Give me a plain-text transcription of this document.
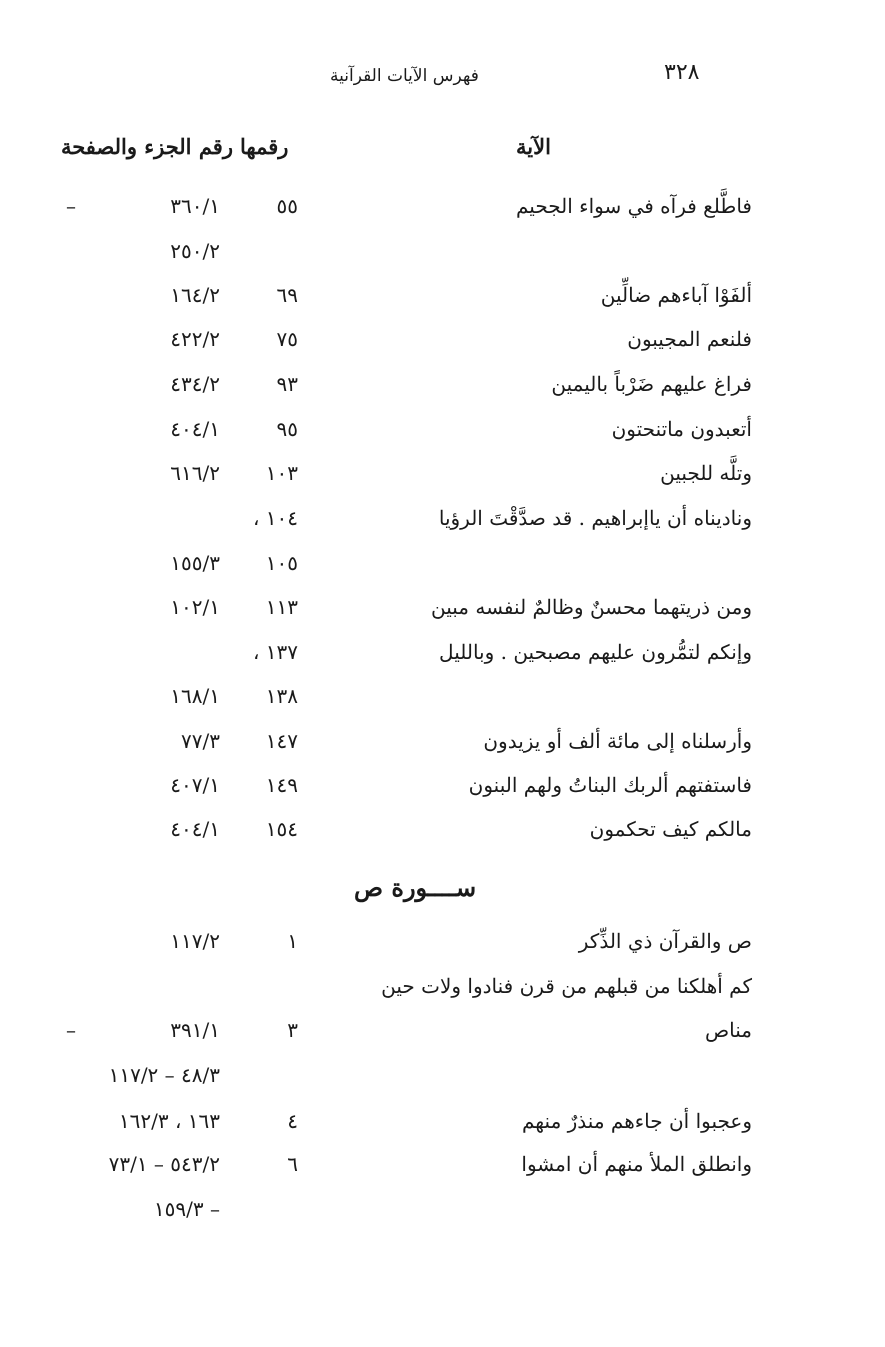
٣٢٨
فهرس الآيات القرآنية
الآية
رقمها
رقم الجزء والصفحة
فاطَّلع فرآه في سواء الجحيم
٥٥
٣٦٠/١
–
٢٥٠/٢
ألفَوْا آباءهم ضالِّين
٦٩
١٦٤/٢
فلنعم المجيبون
٧٥
٤٢٢/٢
فراغ عليهم ضَرْباً باليمين
٩٣
٤٣٤/٢
أتعبدون ماتنحتون
٩٥
٤٠٤/١
وتلَّه للجبين
١٠٣
٦١٦/٢
وناديناه أن ياإبراهيم . قد صدَّقْتَ الرؤيا
١٠٤ ،
١٠٥
١٥٥/٣
ومن ذريتهما محسنٌ وظالمٌ لنفسه مبين
١١٣
١٠٢/١
وإنكم لتمُّرون عليهم مصبحين . وبالليل
١٣٧ ،
١٣٨
١٦٨/١
وأرسلناه إلى مائة ألف أو يزيدون
١٤٧
٧٧/٣
فاستفتهم ألربك البناتُ ولهم البنون
١٤٩
٤٠٧/١
مالكم كيف تحكمون
١٥٤
٤٠٤/١
ســــورة ص
ص والقرآن ذي الذِّكر
١
١١٧/٢
كم أهلكنا من قبلهم من قرن فنادوا ولات حين
مناص
٣
٣٩١/١
–
٤٨/٣ – ١١٧/٢
وعجبوا أن جاءهم منذرٌ منهم
٤
١٦٣ ، ١٦٢/٣
وانطلق الملأ منهم أن امشوا
٦
٥٤٣/٢ – ٧٣/١
– ١٥٩/٣
